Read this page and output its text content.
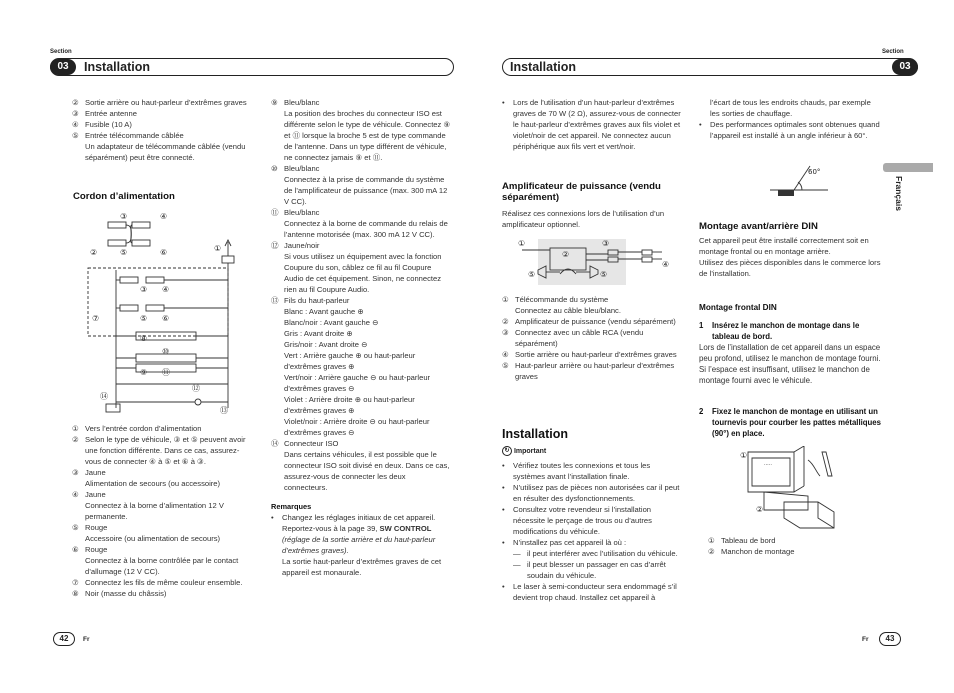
Section
03	Installation
Section
Installation	03
② Sortie arrière ou haut-parleur d’extrêmes graves
③ Entrée antenne
④ Fusible (10 A)
⑤ Entrée télécommande câblée

Un adaptateur de télécommande câblée (vendu séparément) peut être connecté.

Cordon d’alimentation
③	④
②	⑤	⑥	①
③ ④
⑤ ⑥
⑦
⑧
⑩
⑨ ⑪
⑫
⑭
⑬
① Vers l’entrée cordon d’alimentation
② Selon le type de véhicule, ③ et ⑤ peuvent avoir une fonction différente. Dans ce cas, assurez-vous de connecter ④ à ⑤ et ⑥ à ③.
③ Jaune
Alimentation de secours (ou accessoire)
④ Jaune
Connectez à la borne d’alimentation 12 V permanente.
⑤ Rouge
Accessoire (ou alimentation de secours)
⑥ Rouge
Connectez à la borne contrôlée par le contact d’allumage (12 V CC).
⑦ Connectez les fils de même couleur ensemble.
⑧ Noir (masse du châssis)
⑨ Bleu/blanc
La position des broches du connecteur ISO est différente selon le type de véhicule. Connectez ⑨ et ⑪ lorsque la broche 5 est de type commande de l’antenne. Dans un type différent de véhicule, ne connectez jamais ⑨ et ⑪.
⑩ Bleu/blanc
Connectez à la prise de commande du système de l’amplificateur de puissance (max. 300 mA 12 V CC).
⑪ Bleu/blanc
Connectez à la borne de commande du relais de l’antenne motorisée (max. 300 mA 12 V CC).
⑫ Jaune/noir
Si vous utilisez un équipement avec la fonction Coupure du son, câblez ce fil au fil Coupure Audio de cet équipement. Sinon, ne connectez rien au fil Coupure Audio.
⑬ Fils du haut-parleur
Blanc : Avant gauche ⊕
Blanc/noir : Avant gauche ⊖
Gris : Avant droite ⊕
Gris/noir : Avant droite ⊖
Vert : Arrière gauche ⊕ ou haut-parleur d’extrêmes graves ⊕
Vert/noir : Arrière gauche ⊖ ou haut-parleur d’extrêmes graves ⊖
Violet : Arrière droite ⊕ ou haut-parleur d’extrêmes graves ⊕
Violet/noir : Arrière droite ⊖ ou haut-parleur d’extrêmes graves ⊖
⑭ Connecteur ISO
Dans certains véhicules, il est possible que le connecteur ISO soit divisé en deux. Dans ce cas, assurez-vous de connecter les deux connecteurs.

Remarques

•	Changez les réglages initiaux de cet appareil. Reportez-vous à la page 39, SW CONTROL (réglage de la sortie arrière et du haut-parleur d’extrêmes graves).

La sortie haut-parleur d’extrêmes graves de cet appareil est monaurale.

42	Fr
•	Lors de l’utilisation d’un haut-parleur d’extrêmes graves de 70 W (2 Ω), assurez-vous de connecter le haut-parleur d’extrêmes graves aux fils violet et violet/noir de cet appareil. Ne connectez aucun périphérique aux fils vert et vert/noir.
Amplificateur de puissance (vendu séparément)

Réalisez ces connexions lors de l’utilisation d’un amplificateur optionnel.

①
②
③
④
⑤	⑤
① Télécommande du système
Connectez au câble bleu/blanc.
② Amplificateur de puissance (vendu séparément)
③ Connectez avec un câble RCA (vendu séparément)
④ Sortie arrière ou haut-parleur d’extrêmes graves
⑤ Haut-parleur arrière ou haut-parleur d’extrêmes graves
Installation
↻ Important
•	Vérifiez toutes les connexions et tous les systèmes avant l’installation finale.
•	N’utilisez pas de pièces non autorisées car il peut en résulter des dysfonctionnements.
•	Consultez votre revendeur si l’installation nécessite le perçage de trous ou d’autres modifications du véhicule.
•	N’installez pas cet appareil là où :
— il peut interférer avec l’utilisation du véhicule.
— il peut blesser un passager en cas d’arrêt soudain du véhicule.
•	Le laser à semi-conducteur sera endommagé s’il devient trop chaud. Installez cet appareil à

l’écart de tous les endroits chauds, par exemple les sorties de chauffage.

•	Des performances optimales sont obtenues quand l’appareil est installé à un angle inférieur à 60°.
60°
Français
Montage avant/arrière DIN

Cet appareil peut être installé correctement soit en montage frontal ou en montage arrière.

Utilisez des pièces disponibles dans le commerce lors de l’installation.

Montage frontal DIN
1	Insérez le manchon de montage dans le tableau de bord.

Lors de l’installation de cet appareil dans un espace peu profond, utilisez le manchon de montage fourni. Si l’espace est insuffisant, utilisez le manchon de montage fourni avec le véhicule.

2	Fixez le manchon de montage en utilisant un tournevis pour courber les pattes métalliques (90°) en place.
·····
①
②
① Tableau de bord
② Manchon de montage
Fr	43
